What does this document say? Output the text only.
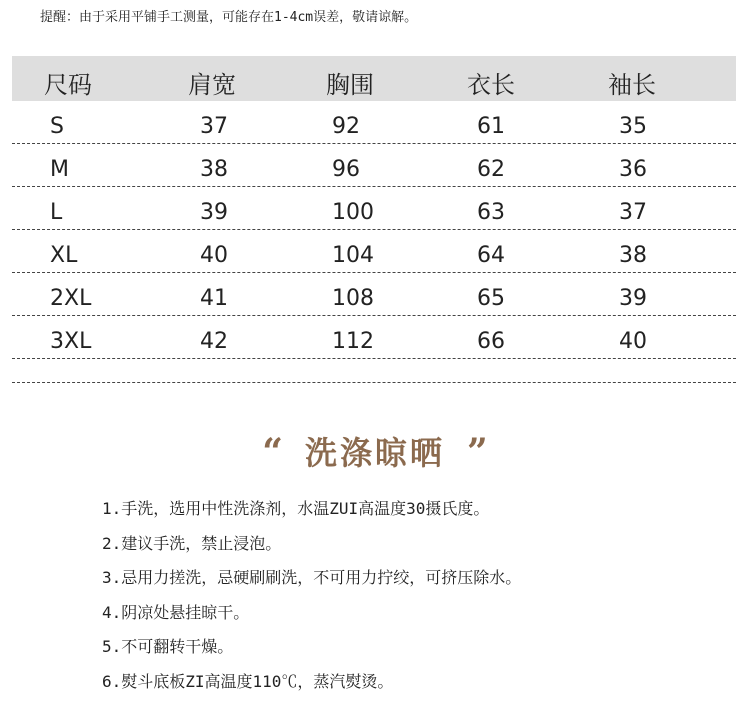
提醒：由于采用平铺手工测量，可能存在1-4cm误差，敬请谅解。
尺码	肩宽	胸围	衣长	袖长
S	37	92	61	35
M	38	96	62	36
L	39	100	63	37
XL	40	104	64	38
2XL	41	108	65	39
3XL	42	112	66	40
“ 洗涤晾晒 ”
1.手洗，选用中性洗涤剂，水温ZUI高温度30摄氏度。
2.建议手洗，禁止浸泡。
3.忌用力搓洗，忌硬刷刷洗，不可用力拧绞，可挤压除水。
4.阴凉处悬挂晾干。
5.不可翻转干燥。
6.熨斗底板ZI高温度110℃，蒸汽熨烫。
